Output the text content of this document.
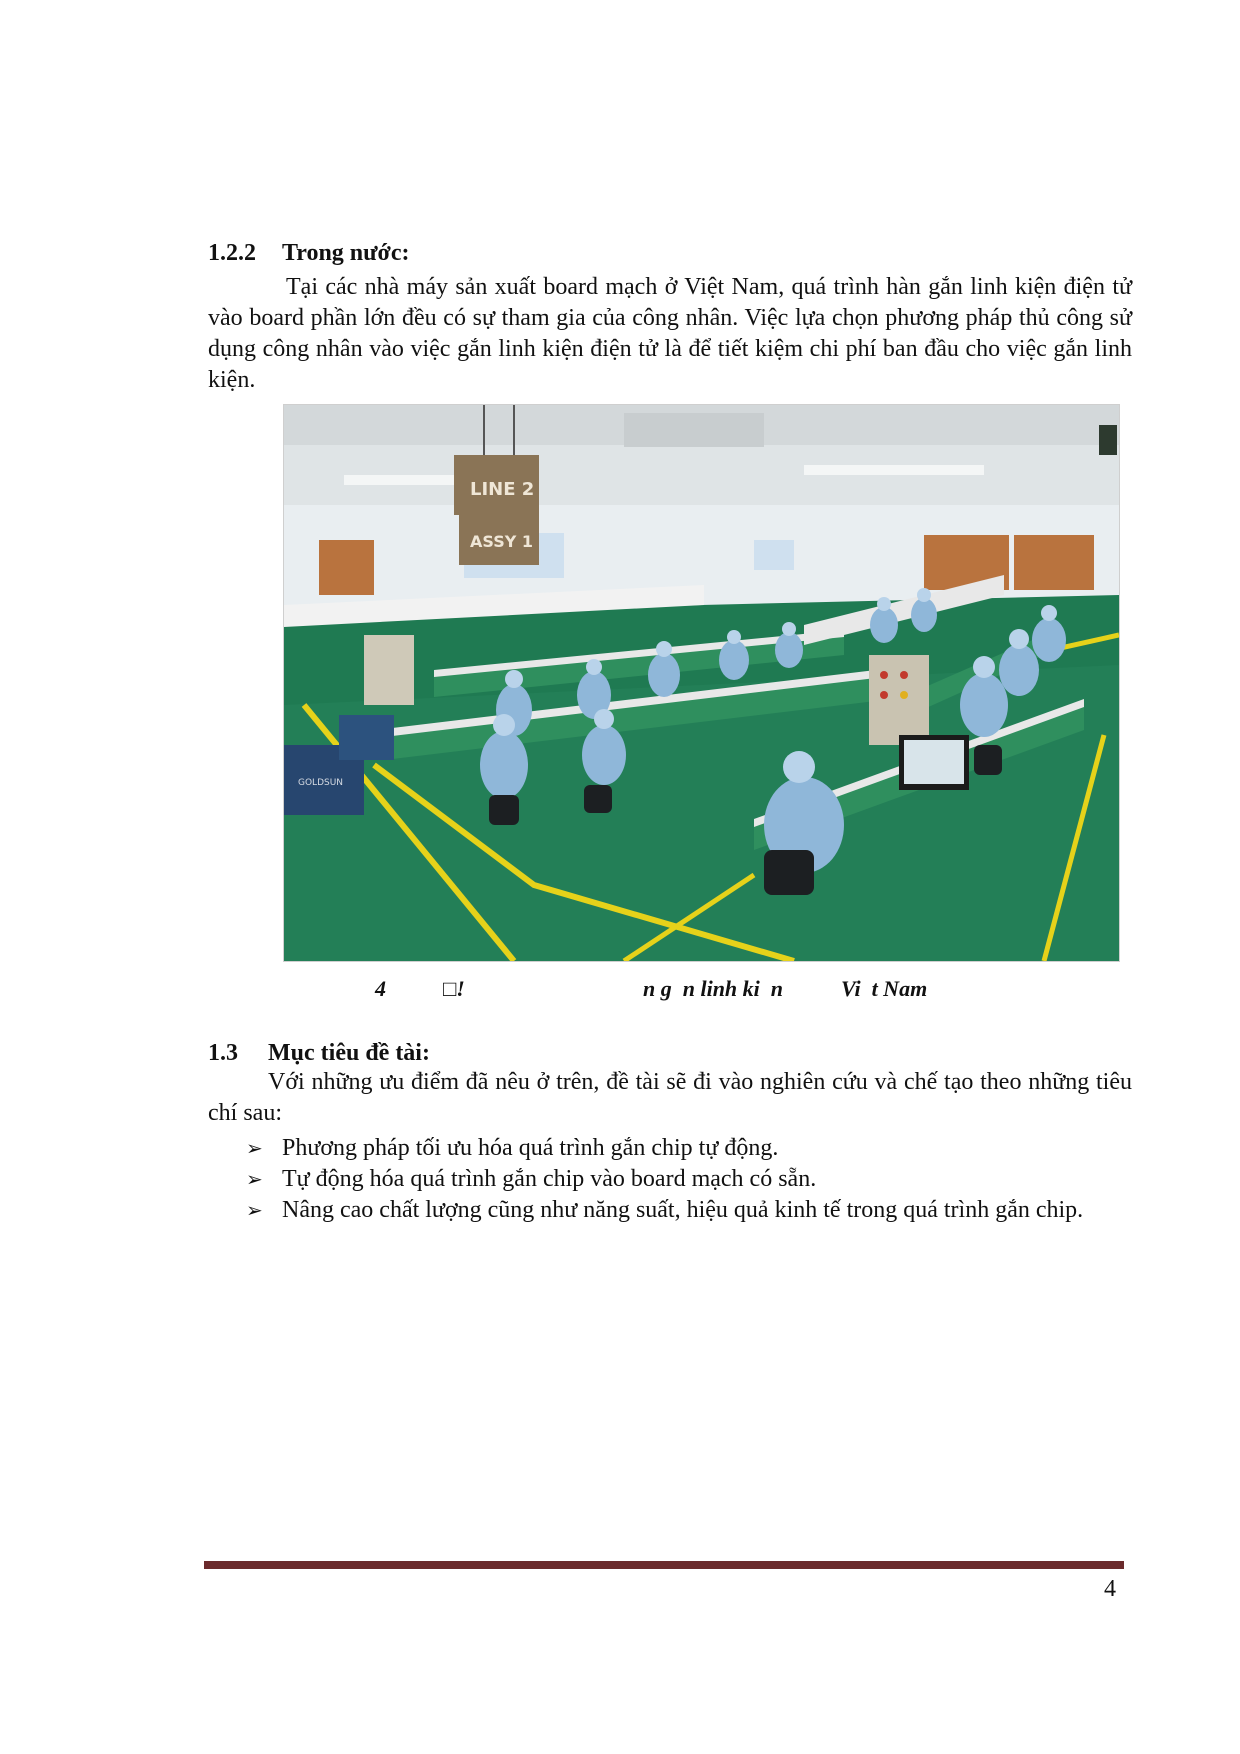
1.2.2 Trong nước:
Tại các nhà máy sản xuất board mạch ở Việt Nam, quá trình hàn gắn linh kiện điện tử vào board phần lớn đều có sự tham gia của công nhân. Việc lựa chọn phương pháp thủ công sử dụng công nhân vào việc gắn linh kiện điện tử là để tiết kiệm chi phí ban đầu cho việc gắn linh kiện.
GOLDSUN
LINE 2
ASSY 1
4	□!	n g  n linh ki  n	Vi  t Nam
1.3 Mục tiêu đề tài:
Với những ưu điểm đã nêu ở trên, đề tài sẽ đi vào nghiên cứu và chế tạo theo những tiêu chí sau:
➢ Phương pháp tối ưu hóa quá trình gắn chip tự động.
➢ Tự động hóa quá trình gắn chip vào board mạch có sẵn.
➢ Nâng cao chất lượng cũng như năng suất, hiệu quả kinh tế trong quá trình gắn chip.
4
